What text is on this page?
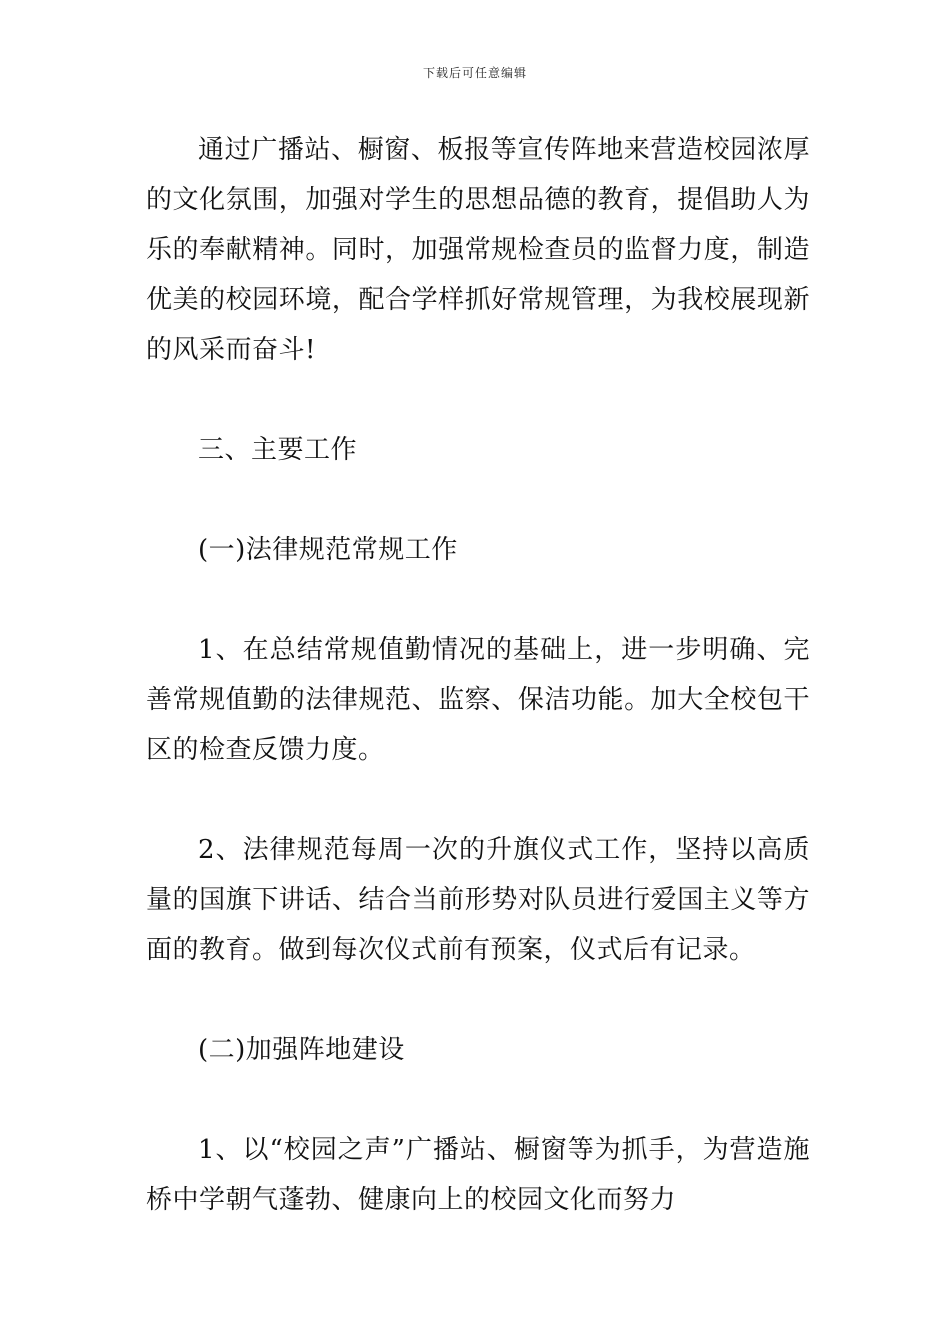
下载后可任意编辑

通过广播站、橱窗、板报等宣传阵地来营造校园浓厚的文化氛围，加强对学生的思想品德的教育，提倡助人为乐的奉献精神。同时，加强常规检查员的监督力度，制造优美的校园环境，配合学样抓好常规管理，为我校展现新的风采而奋斗!

三、主要工作

(一)法律规范常规工作

1、在总结常规值勤情况的基础上，进一步明确、完善常规值勤的法律规范、监察、保洁功能。加大全校包干区的检查反馈力度。

2、法律规范每周一次的升旗仪式工作，坚持以高质量的国旗下讲话、结合当前形势对队员进行爱国主义等方面的教育。做到每次仪式前有预案，仪式后有记录。

(二)加强阵地建设

1、以“校园之声”广播站、橱窗等为抓手，为营造施桥中学朝气蓬勃、健康向上的校园文化而努力
